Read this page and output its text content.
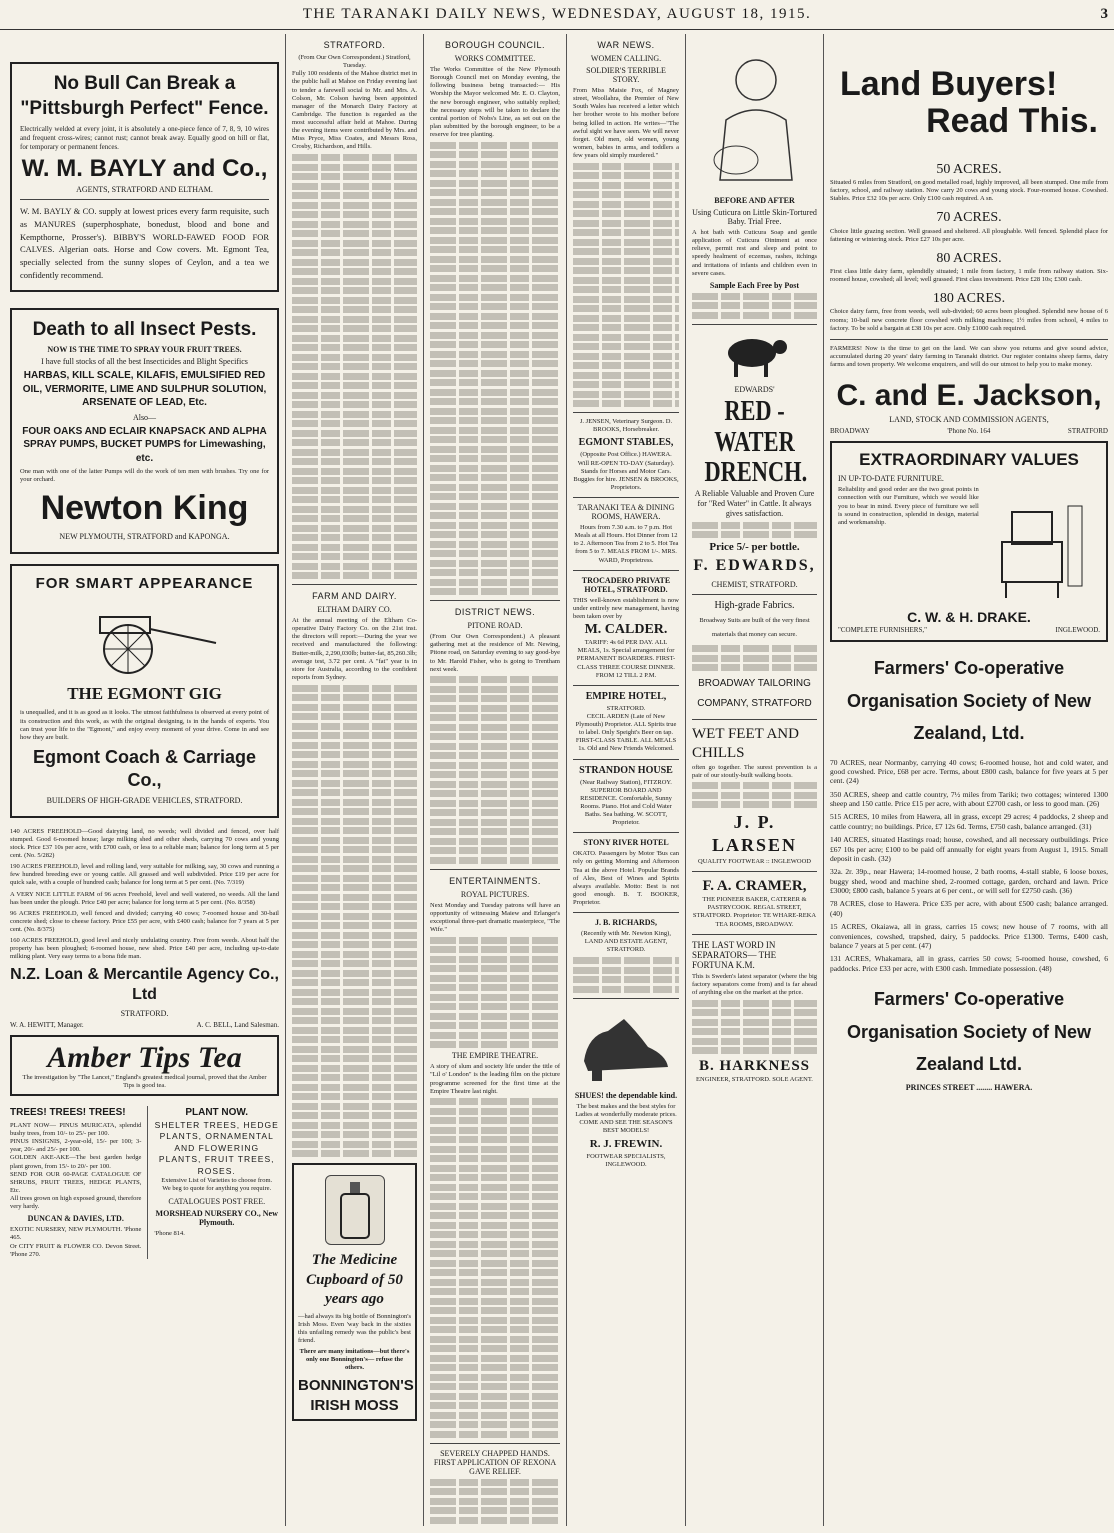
THE TARANAKI DAILY NEWS, WEDNESDAY, AUGUST 18, 1915.	3
No Bull Can Break a
"Pittsburgh Perfect" Fence.

Electrically welded at every joint, it is absolutely a one-piece fence of 7, 8, 9, 10 wires and frequent cross-wires; cannot rust; cannot break away. Equally good on hill or flat, for temporary or permanent fences.

W. M. BAYLY and Co.,
AGENTS, STRATFORD AND ELTHAM.

W. M. BAYLY & CO. supply at lowest prices every farm requisite, such as MANURES (superphosphate, bonedust, blood and bone and Kempthorne, Prosser's). BIBBY'S WORLD-FAWED FOOD FOR CALVES. Algerian oats. Horse and Cow covers. Mt. Egmont Tea, specially selected from the sunny slopes of Ceylon, and a tea we confidently recommend.

Death to all Insect Pests.
NOW IS THE TIME TO SPRAY YOUR FRUIT TREES.
I have full stocks of all the best Insecticides and Blight Specifics
HARBAS, KILL SCALE, KILAFIS, EMULSIFIED RED OIL, VERMORITE, LIME AND SULPHUR SOLUTION, ARSENATE OF LEAD, Etc.
Also—
FOUR OAKS AND ECLAIR KNAPSACK AND ALPHA SPRAY PUMPS, BUCKET PUMPS for Limewashing, etc.

One man with one of the latter Pumps will do the work of ten men with brushes. Try one for your orchard.

Newton King
NEW PLYMOUTH, STRATFORD and KAPONGA.
FOR SMART APPEARANCE
THE EGMONT GIG

is unequalled, and it is as good as it looks. The utmost faithfulness is observed at every point of its construction and this work, as with the original designing, is in the hands of experts. You can trust your life to the "Egmont," and enjoy every moment of your drive. Come in and see how they are built.

Egmont Coach & Carriage Co.,
BUILDERS OF HIGH-GRADE VEHICLES, STRATFORD.

140 ACRES FREEHOLD—Good dairying land, no weeds; well divided and fenced, over half stumped. Good 6-roomed house; large milking shed and other sheds, carrying 70 cows and young stock. Price £37 10s per acre, with £700 cash, or less to a reliable man; balance for long term at 5 per cent. (No. 5/282)

190 ACRES FREEHOLD, level and rolling land, very suitable for milking, say, 30 cows and running a few hundred breeding ewe or young cattle. All grassed and well subdivided. Price £19 per acre for quick sale, with a couple of hundred cash; balance for long term at 5 per cent. (No. 7/319)

A VERY NICE LITTLE FARM of 96 acres Freehold, level and well watered, no weeds. All the land has been under the plough. Price £40 per acre; balance for long term at 5 per cent. (No. 8/358)

96 ACRES FREEHOLD, well fenced and divided; carrying 40 cows; 7-roomed house and 30-bail concrete shed; close to cheese factory. Price £55 per acre, with £400 cash; balance for 7 years at 5 per cent. (No. 8/375)

160 ACRES FREEHOLD, good level and nicely undulating country. Free from weeds. About half the property has been ploughed; 6-roomed house, new shed. Price £40 per acre, including up-to-date milking plant. Very easy terms to a bona fide man.

N.Z. Loan & Mercantile Agency Co., Ltd
STRATFORD.
W. A. HEWITT, Manager.	A. C. BELL, Land Salesman.
Amber Tips Tea
The investigation by "The Lancet," England's greatest medical journal, proved that the Amber Tips is good tea.
TREES! TREES! TREES!

PLANT NOW— PINUS MURICATA, splendid bushy trees, from 10/- to 25/- per 100.

PINUS INSIGNIS, 2-year-old, 15/- per 100; 3-year, 20/- and 25/- per 100.

GOLDEN AKE-AKE—The best garden hedge plant grown, from 15/- to 20/- per 100.

SEND FOR OUR 60-PAGE CATALOGUE OF SHRUBS, FRUIT TREES, HEDGE PLANTS, Etc.

All trees grown on high exposed ground, therefore very hardy.

DUNCAN & DAVIES, LTD.
EXOTIC NURSERY, NEW PLYMOUTH. 'Phone 465.
Or CITY FRUIT & FLOWER CO. Devon Street. 'Phone 270.
PLANT NOW.
SHELTER TREES, HEDGE PLANTS, ORNAMENTAL AND FLOWERING PLANTS, FRUIT TREES, ROSES.

Extensive List of Varieties to choose from.

We beg to quote for anything you require.

CATALOGUES POST FREE.
MORSHEAD NURSERY CO., New Plymouth.
'Phone 814.
STRATFORD.

(From Our Own Correspondent.) Stratford, Tuesday.

Fully 100 residents of the Mahoe district met in the public hall at Mahoe on Friday evening last to tender a farewell social to Mr. and Mrs. A. Colson, Mr. Colson having been appointed manager of the Monarch Dairy Factory at Cambridge. The function is regarded as the most successful affair held at Mahoe. During the evening items were contributed by Mrs. and Miss Pryce, Miss Coates, and Messrs Ross, Crosby, Richardson, and Hills.

FARM AND DAIRY.
ELTHAM DAIRY CO.

At the annual meeting of the Eltham Co-operative Dairy Factory Co. on the 21st inst. the directors will report:—During the year we received and manufactured the following: Butter-milk, 2,290,030lb; butter-fat, 85,260.3lb; average test, 3.72 per cent. A "fat" year is in store for Australia, according to the confident reports from Sydney.

The Medicine Cupboard of 50 years ago

—had always its big bottle of Bonnington's Irish Moss. Even 'way back in the sixties this unfailing remedy was the public's best friend.

There are many imitations—but there's only one Bonnington's— refuse the others.

BONNINGTON'S IRISH MOSS
BOROUGH COUNCIL.
WORKS COMMITTEE.

The Works Committee of the New Plymouth Borough Council met on Monday evening, the following business being transacted:— His Worship the Mayor welcomed Mr. E. O. Clayton, the new borough engineer, who suitably replied; the necessary steps will be taken to declare the central portion of Nobs's Line, as set out on the plan submitted by the borough engineer, to be a reserve for tree planting.

DISTRICT NEWS.
PITONE ROAD.

(From Our Own Correspondent.) A pleasant gathering met at the residence of Mr. Newing, Pitone road, on Saturday evening to say good-bye to Mr. Harold Fisher, who is going to Trentham next week.

ENTERTAINMENTS.
ROYAL PICTURES.

Next Monday and Tuesday patrons will have an opportunity of witnessing Maiew and Erlanger's exceptional three-part dramatic masterpiece, "The Wife."

THE EMPIRE THEATRE.

A story of slum and society life under the title of "Lil o' London" is the leading film on the picture programme screened for the first time at the Empire Theatre last night.

SEVERELY CHAPPED HANDS. FIRST APPLICATION OF REXONA GAVE RELIEF.
WAR NEWS.
WOMEN CALLING.
SOLDIER'S TERRIBLE STORY.

From Miss Maisie Fox, of Magney street, Woollahra, the Premier of New South Wales has received a letter which her brother wrote to his mother before being killed in action. He writes—"The awful sight we have seen. We will never forget. Old men, old women, young women, babies in arms, and toddlers a few years old simply murdered."

J. JENSEN, Veterinary Surgeon. D. BROOKS, Horsebreaker.
EGMONT STABLES,
(Opposite Post Office.) HAWERA.

Will RE-OPEN TO-DAY (Saturday). Stands for Horses and Motor Cars. Buggies for hire. JENSEN & BROOKS, Proprietors.

TARANAKI TEA & DINING ROOMS, HAWERA.

Hours from 7.30 a.m. to 7 p.m. Hot Meals at all Hours. Hot Dinner from 12 to 2. Afternoon Tea from 2 to 5. Hot Tea from 5 to 7. MEALS FROM 1/-. MRS. WARD, Proprietress.

TROCADERO PRIVATE HOTEL, STRATFORD.

THIS well-known establishment is now under entirely new management, having been taken over by

M. CALDER.

TARIFF: 4s 6d PER DAY. ALL MEALS, 1s. Special arrangement for PERMANENT BOARDERS. FIRST-CLASS THREE COURSE DINNER. FROM 12 TILL 2 P.M.

EMPIRE HOTEL,
STRATFORD.

CECIL ARDEN (Late of New Plymouth) Proprietor. ALL Spirits true to label. Only Speight's Beer on tap. FIRST-CLASS TABLE. ALL MEALS 1s. Old and New Friends Welcomed.

STRANDON HOUSE

(Near Railway Station), FITZROY. SUPERIOR BOARD AND RESIDENCE. Comfortable, Sunny Rooms. Piano. Hot and Cold Water Baths. Sea bathing. W. SCOTT, Proprietor.

STONY RIVER HOTEL

OKATO. Passengers by Motor 'Bus can rely on getting Morning and Afternoon Tea at the above Hotel. Popular Brands of Ales, Best of Wines and Spirits always available. Motto: Best is not good enough. B. T. BOOKER, Proprietor.

J. B. RICHARDS,

(Recently with Mr. Newton King), LAND AND ESTATE AGENT, STRATFORD.

SHUES! the dependable kind.

The best makes and the best styles for Ladies at wonderfully moderate prices. COME AND SEE THE SEASON'S BEST MODELS!

R. J. FREWIN.
FOOTWEAR SPECIALISTS, INGLEWOOD.
BEFORE AND AFTER
Using Cuticura on Little Skin-Tortured Baby. Trial Free.

A hot bath with Cuticura Soap and gentle application of Cuticura Ointment at once relieve, permit rest and sleep and point to speedy healment of eczemas, rashes, itchings and irritations of infants and children even in severe cases.

Sample Each Free by Post
EDWARDS'
RED - WATER DRENCH.

A Reliable Valuable and Proven Cure for "Red Water" in Cattle. It always gives satisfaction.

Price 5/- per bottle.
F. EDWARDS,
CHEMIST, STRATFORD.
High-grade Fabrics.

Broadway Suits are built of the very finest materials that money can secure.

BROADWAY TAILORING COMPANY, STRATFORD
WET FEET AND CHILLS

often go together. The surest prevention is a pair of our stoutly-built walking boots.

J. P. LARSEN
QUALITY FOOTWEAR :: INGLEWOOD
F. A. CRAMER,

THE PIONEER BAKER, CATERER & PASTRYCOOK. REGAL STREET, STRATFORD. Proprietor: TE WHARE-REKA TEA ROOMS, BROADWAY.

THE LAST WORD IN SEPARATORS— THE FORTUNA K.M.

This is Sweden's latest separator (where the big factory separators come from) and is far ahead of anything else on the market at the price.

B. HARKNESS
ENGINEER, STRATFORD. SOLE AGENT.
Land Buyers!
Read This.
50 ACRES.

Situated 6 miles from Stratford, on good metalled road, highly improved, all been stumped. One mile from factory, school, and railway station. Now carry 20 cows and young stock. Four-roomed house. Cowshed. Stables. Price £32 10s per acre. Only £100 cash required. A sn.

70 ACRES.

Choice little grazing section. Well grassed and sheltered. All ploughable. Well fenced. Splendid place for fattening or wintering stock. Price £27 10s per acre.

80 ACRES.

First class little dairy farm, splendidly situated; 1 mile from factory, 1 mile from railway station. Six-roomed house, cowshed; all level; well grassed. First class investment. Price £28 10s; £300 cash.

180 ACRES.

Choice dairy farm, free from weeds, well sub-divided; 60 acres been ploughed. Splendid new house of 6 rooms; 10-bail new concrete floor cowshed with milking machines; 1½ miles from school, 4 miles to factory. To be sold a bargain at £38 10s per acre. Only £1000 cash required.

FARMERS! Now is the time to get on the land. We can show you returns and give sound advice, accumulated during 20 years' dairy farming in Taranaki district. Our register contains sheep farms, dairy farms and town property. We welcome enquirers, and will do our utmost to help you to make money.

C. and E. Jackson,
LAND, STOCK AND COMMISSION AGENTS,
BROADWAY	'Phone No. 164	STRATFORD
EXTRAORDINARY VALUES
IN UP-TO-DATE FURNITURE.

Reliability and good order are the two great points in connection with our Furniture, which we would like you to bear in mind. Every piece of furniture we sell is sound in construction, splendid in design, material and workmanship.

C. W. & H. DRAKE.
"COMPLETE FURNISHERS,"	INGLEWOOD.
Farmers' Co-operative Organisation Society of New Zealand, Ltd.

70 ACRES, near Normanby, carrying 40 cows; 6-roomed house, hot and cold water, and good cowshed. Price, £68 per acre. Terms, about £800 cash, balance for five years at 5 per cent. (24)

350 ACRES, sheep and cattle country, 7½ miles from Tariki; two cottages; wintered 1300 sheep and 150 cattle. Price £15 per acre, with about £2700 cash, or less to good man. (26)

515 ACRES, 10 miles from Hawera, all in grass, except 29 acres; 4 paddocks, 2 sheep and cattle country; no buildings. Price, £7 12s 6d. Terms, £750 cash, balance arranged. (31)

140 ACRES, situated Hastings road; house, cowshed, and all necessary outbuildings. Price £67 10s per acre; £100 to be paid off annually for eight years from August 1, 1915. Small deposit in cash. (32)

32a. 2r. 39p., near Hawera; 14-roomed house, 2 bath rooms, 4-stall stable, 6 loose boxes, buggy shed, wood and machine shed, 2-roomed cottage, garden, orchard and lawn. Price £3000; £800 cash, balance 5 years at 6 per cent., or will sell for £2750 cash. (36)

78 ACRES, close to Hawera. Price £35 per acre, with about £500 cash; balance arranged. (40)

15 ACRES, Okaiawa, all in grass, carries 15 cows; new house of 7 rooms, with all conveniences, cowshed, trapshed, dairy, 5 paddocks. Price £1300. Terms, £400 cash, balance 7 years at 5 per cent. (47)

131 ACRES, Whakamara, all in grass, carries 50 cows; 5-roomed house, cowshed, 6 paddocks. Price £33 per acre, with £300 cash. Immediate possession. (48)

Farmers' Co-operative Organisation Society of New Zealand Ltd.
PRINCES STREET ........ HAWERA.
